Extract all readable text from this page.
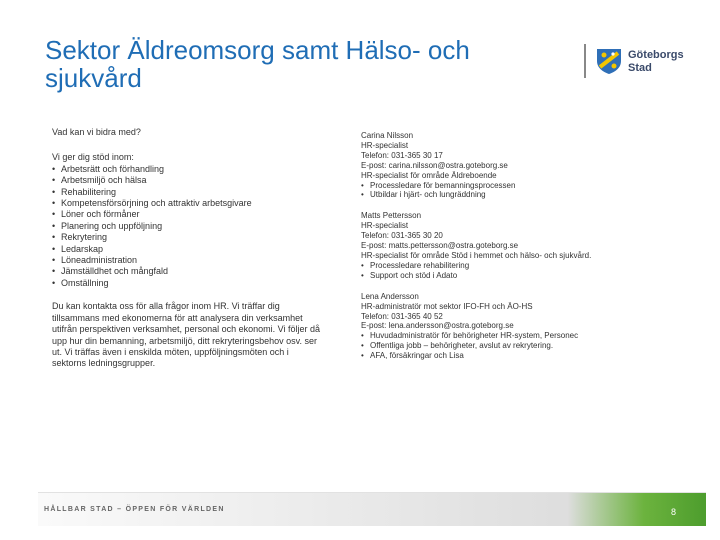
Sektor Äldreomsorg samt Hälso- och sjukvård
Göteborgs
Stad

Vad kan vi bidra med?

Vi ger dig stöd inom:

• Arbetsrätt och förhandling
• Arbetsmiljö och hälsa
• Rehabilitering
• Kompetensförsörjning och attraktiv arbetsgivare
• Löner och förmåner
• Planering och uppföljning
• Rekrytering
• Ledarskap
• Löneadministration
• Jämställdhet och mångfald
• Omställning

Du kan kontakta oss för alla frågor inom HR. Vi träffar dig tillsammans med ekonomerna för att analysera din verksamhet utifrån perspektiven verksamhet, personal och ekonomi. Vi följer då upp hur din bemanning, arbetsmiljö, ditt rekryteringsbehov osv. ser ut. Vi träffas även i enskilda möten, uppföljningsmöten och i sektorns ledningsgrupper.

Carina Nilsson
HR-specialist
Telefon: 031-365 30 17
E-post: carina.nilsson@ostra.goteborg.se
HR-specialist för område Äldreboende
• Processledare för bemanningsprocessen
• Utbildar i hjärt- och lungräddning
Matts Pettersson
HR-specialist
Telefon: 031-365 30 20
E-post: matts.pettersson@ostra.goteborg.se
HR-specialist för område Stöd i hemmet och hälso- och sjukvård.
• Processledare rehabilitering
• Support och stöd i Adato
Lena Andersson
HR-administratör mot sektor IFO-FH och ÄO-HS
Telefon: 031-365 40 52
E-post: lena.andersson@ostra.goteborg.se
• Huvudadministratör för behörigheter HR-system, Personec
• Offentliga jobb – behörigheter, avslut av rekrytering.
• AFA, försäkringar och Lisa
HÅLLBAR STAD – ÖPPEN FÖR VÄRLDEN	8
